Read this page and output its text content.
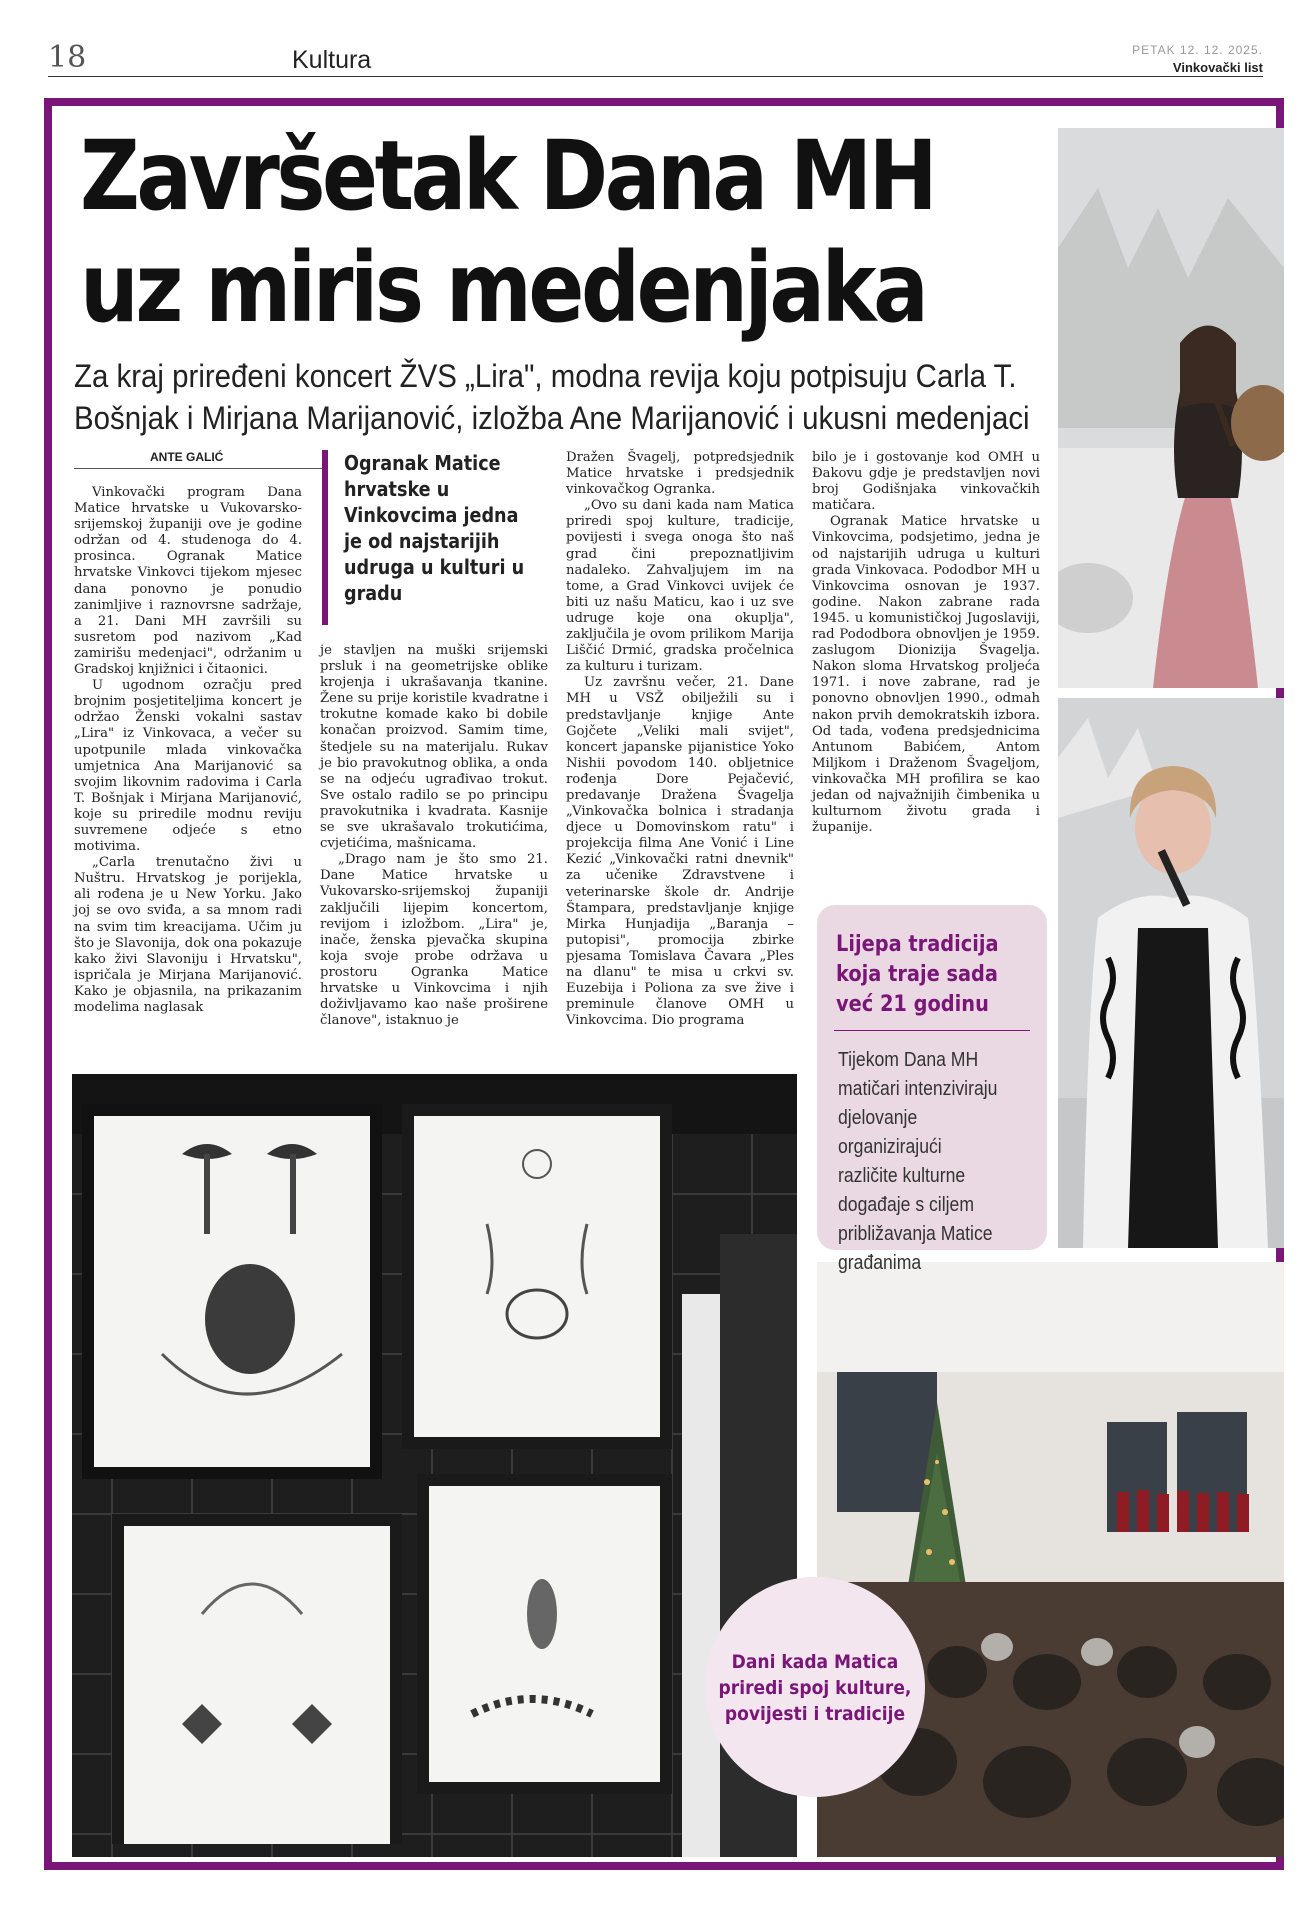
18	Kultura	PETAK 12. 12. 2025.
Vinkovački list
Završetak Dana MH
uz miris medenjaka
Za kraj priređeni koncert ŽVS „Lira", modna revija koju potpisuju Carla T.
Bošnjak i Mirjana Marijanović, izložba Ane Marijanović i ukusni medenjaci
ANTE GALIĆ

Vinkovački program Dana Matice hrvatske u Vukovarsko-srijemskoj županiji ove je godine održan od 4. studenoga do 4. prosinca. Ogranak Matice hrvatske Vinkovci tijekom mjesec dana ponovno je ponudio zanimljive i raznovrsne sadržaje, a 21. Dani MH završili su susretom pod nazivom „Kad zamirišu medenjaci", održanim u Gradskoj knjižnici i čitaonici.

U ugodnom ozračju pred brojnim posjetiteljima koncert je održao Ženski vokalni sastav „Lira" iz Vinkovaca, a večer su upotpunile mlada vinkovačka umjetnica Ana Marijanović sa svojim likovnim radovima i Carla T. Bošnjak i Mirjana Marijanović, koje su priredile modnu reviju suvremene odjeće s etno motivima.

„Carla trenutačno živi u Nuštru. Hrvatskog je porijekla, ali rođena je u New Yorku. Jako joj se ovo sviđa, a sa mnom radi na svim tim kreacijama. Učim ju što je Slavonija, dok ona pokazuje kako živi Slavoniju i Hrvatsku", ispričala je Mirjana Marijanović. Kako je objasnila, na prikazanim modelima naglasak

Ogranak Matice hrvatske u Vinkovcima jedna je od najstarijih udruga u kulturi u gradu

je stavljen na muški srijemski prsluk i na geometrijske oblike krojenja i ukrašavanja tkanine. Žene su prije koristile kvadratne i trokutne komade kako bi dobile konačan proizvod. Samim time, štedjele su na materijalu. Rukav je bio pravokutnog oblika, a onda se na odjeću ugrađivao trokut. Sve ostalo radilo se po principu pravokutnika i kvadrata. Kasnije se sve ukrašavalo trokutićima, cvjetićima, mašnicama.

„Drago nam je što smo 21. Dane Matice hrvatske u Vukovarsko-srijemskoj županiji zaključili lijepim koncertom, revijom i izložbom. „Lira" je, inače, ženska pjevačka skupina koja svoje probe održava u prostoru Ogranka Matice hrvatske u Vinkovcima i njih doživljavamo kao naše proširene članove", istaknuo je

Dražen Švagelj, potpredsjednik Matice hrvatske i predsjednik vinkovačkog Ogranka.

„Ovo su dani kada nam Matica priredi spoj kulture, tradicije, povijesti i svega onoga što naš grad čini prepoznatljivim nadaleko. Zahvaljujem im na tome, a Grad Vinkovci uvijek će biti uz našu Maticu, kao i uz sve udruge koje ona okuplja", zaključila je ovom prilikom Marija Liščić Drmić, gradska pročelnica za kulturu i turizam.

Uz završnu večer, 21. Dane MH u VSŽ obilježili su i predstavljanje knjige Ante Gojčete „Veliki mali svijet", koncert japanske pijanistice Yoko Nishii povodom 140. obljetnice rođenja Dore Pejačević, predavanje Dražena Švagelja „Vinkovačka bolnica i stradanja djece u Domovinskom ratu" i projekcija filma Ane Vonić i Line Kezić „Vinkovački ratni dnevnik" za učenike Zdravstvene i veterinarske škole dr. Andrije Štampara, predstavljanje knjige Mirka Hunjadija „Baranja – putopisi", promocija zbirke pjesama Tomislava Čavara „Ples na dlanu" te misa u crkvi sv. Euzebija i Poliona za sve žive i preminule članove OMH u Vinkovcima. Dio programa

bilo je i gostovanje kod OMH u Đakovu gdje je predstavljen novi broj Godišnjaka vinkovačkih matičara.

Ogranak Matice hrvatske u Vinkovcima, podsjetimo, jedna je od najstarijih udruga u kulturi grada Vinkovaca. Pododbor MH u Vinkovcima osnovan je 1937. godine. Nakon zabrane rada 1945. u komunističkoj Jugoslaviji, rad Pododbora obnovljen je 1959. zaslugom Dionizija Švagelja. Nakon sloma Hrvatskog proljeća 1971. i nove zabrane, rad je ponovno obnovljen 1990., odmah nakon prvih demokratskih izbora. Od tada, vođena predsjednicima Antunom Babićem, Antom Miljkom i Draženom Švageljom, vinkovačka MH profilira se kao jedan od najvažnijih čimbenika u kulturnom životu grada i županije.

Lijepa tradicija koja traje sada već 21 godinu
Tijekom Dana MH matičari intenziviraju djelovanje organizirajući različite kulturne događaje s ciljem približavanja Matice građanima
Dani kada Matica priredi spoj kulture, povijesti i tradicije
